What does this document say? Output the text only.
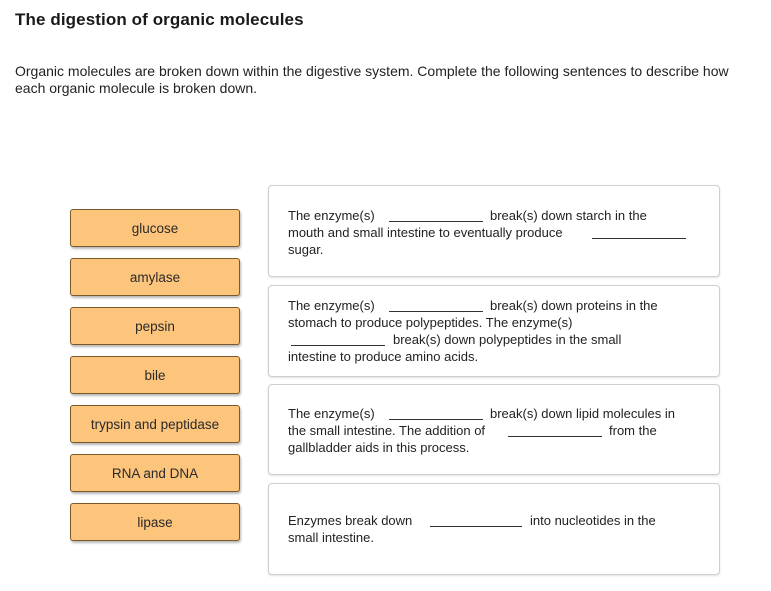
The digestion of organic molecules
Organic molecules are broken down within the digestive system. Complete the following sentences to describe how each organic molecule is broken down.
glucose
amylase
pepsin
bile
trypsin and peptidase
RNA and DNA
lipase
The enzyme(s)	break(s) down starch in the
mouth and small intestine to eventually produce
sugar.
The enzyme(s)	break(s) down proteins in the
stomach to produce polypeptides. The enzyme(s)
break(s) down polypeptides in the small
intestine to produce amino acids.
The enzyme(s)	break(s) down lipid molecules in
the small intestine. The addition of	from the
gallbladder aids in this process.
Enzymes break down	into nucleotides in the
small intestine.
